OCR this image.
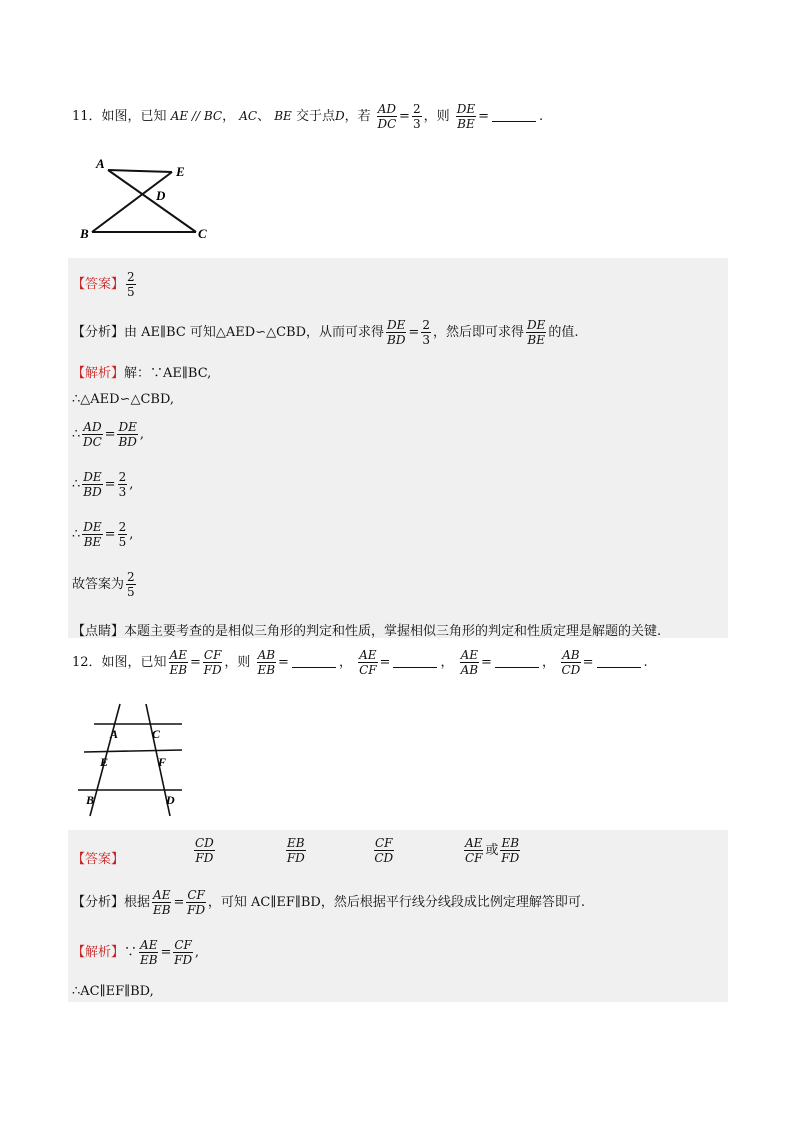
11．如图，已知 AE // BC， AC、 BE 交于点D，若 $\frac{AD}{DC} = \frac{2}{3}$ ，则 $\frac{DE}{BE}$ =	.
A
E
D
B	C
【答案】 $\frac{2}{5}$
【分析】由 AE∥BC 可知△AED∽△CBD，从而可求得 $\frac{DE}{BD} = \frac{2}{3}$ ，然后即可求得 $\frac{DE}{BE}$ 的值.
【解析】解：∵AE∥BC,
∴△AED∽△CBD,
∴ $\frac{AD}{DC} = \frac{DE}{BD}$ ,
∴ $\frac{DE}{BD} = \frac{2}{3}$ ,
∴ $\frac{DE}{BE} = \frac{2}{5}$ ,
故答案为 $\frac{2}{5}$
【点睛】本题主要考查的是相似三角形的判定和性质，掌握相似三角形的判定和性质定理是解题的关键.
12．如图，已知 $\frac{AE}{EB} = \frac{CF}{FD}$ ，则 $\frac{AB}{EB}$ =	， $\frac{AE}{CF}$ =	， $\frac{AE}{AB}$ =	， $\frac{AB}{CD}$ =	.
A	C
E	F
B	D
【答案】	$\frac{CD}{FD}$	$\frac{EB}{FD}$	$\frac{CF}{CD}$	$\frac{AE}{CF}$ 或 $\frac{EB}{FD}$
【分析】根据 $\frac{AE}{EB} = \frac{CF}{FD}$ ，可知 AC∥EF∥BD，然后根据平行线分线段成比例定理解答即可.
【解析】∵ $\frac{AE}{EB} = \frac{CF}{FD}$ ,
∴AC∥EF∥BD,
